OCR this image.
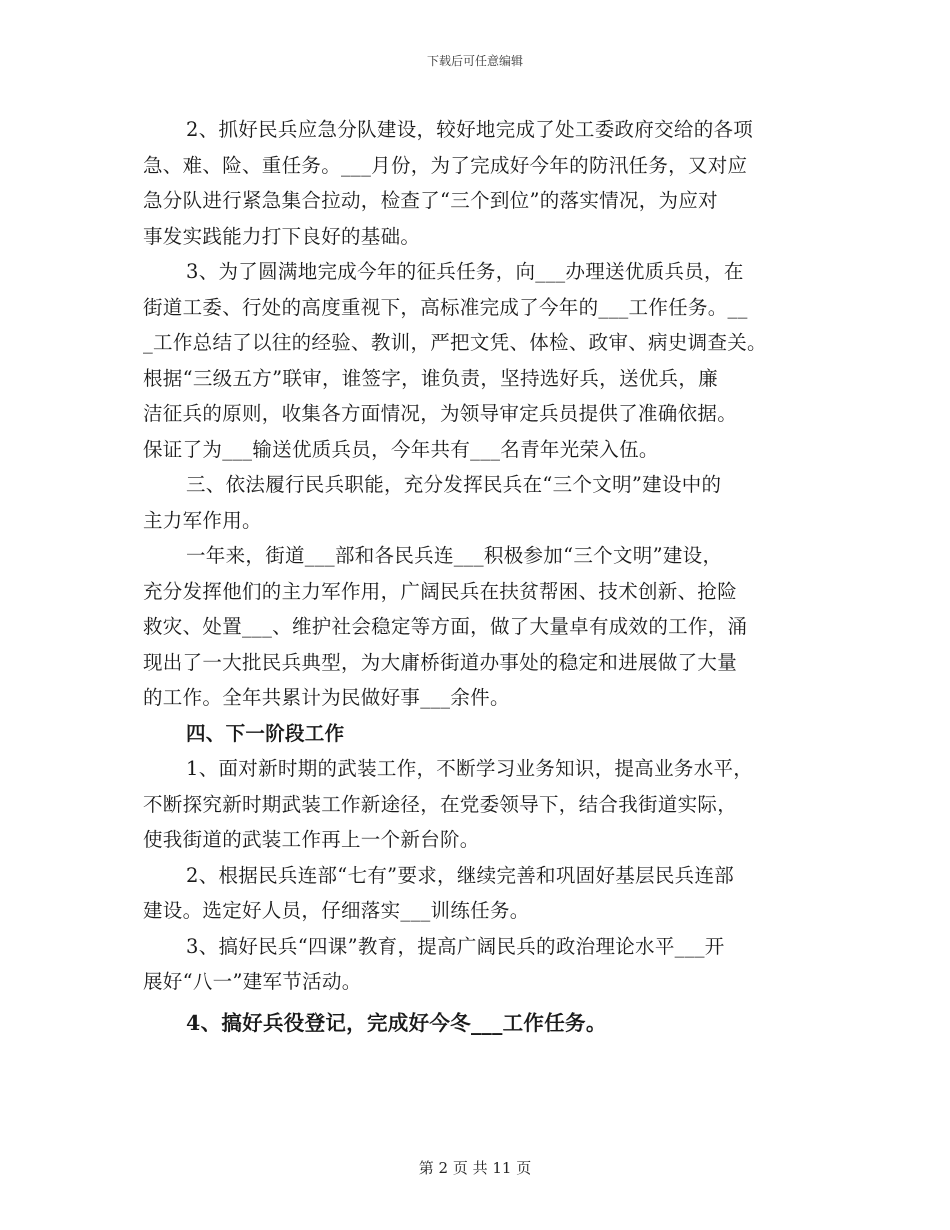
下载后可任意编辑
2、抓好民兵应急分队建设，较好地完成了处工委政府交给的各项
急、难、险、重任务。___月份，为了完成好今年的防汛任务，又对应
急分队进行紧急集合拉动，检查了“三个到位”的落实情况，为应对
事发实践能力打下良好的基础。
3、为了圆满地完成今年的征兵任务，向___办理送优质兵员，在
街道工委、行处的高度重视下，高标准完成了今年的___工作任务。__
_工作总结了以往的经验、教训，严把文凭、体检、政审、病史调查关。
根据“三级五方”联审，谁签字，谁负责，坚持选好兵，送优兵，廉
洁征兵的原则，收集各方面情况，为领导审定兵员提供了准确依据。
保证了为___输送优质兵员，今年共有___名青年光荣入伍。
三、依法履行民兵职能，充分发挥民兵在“三个文明”建设中的
主力军作用。
一年来，街道___部和各民兵连___积极参加“三个文明”建设，
充分发挥他们的主力军作用，广阔民兵在扶贫帮困、技术创新、抢险
救灾、处置___、维护社会稳定等方面，做了大量卓有成效的工作，涌
现出了一大批民兵典型，为大庸桥街道办事处的稳定和进展做了大量
的工作。全年共累计为民做好事___余件。
四、下一阶段工作
1、面对新时期的武装工作，不断学习业务知识，提高业务水平，
不断探究新时期武装工作新途径，在党委领导下，结合我街道实际，
使我街道的武装工作再上一个新台阶。
2、根据民兵连部“七有”要求，继续完善和巩固好基层民兵连部
建设。选定好人员，仔细落实___训练任务。
3、搞好民兵“四课”教育，提高广阔民兵的政治理论水平___开
展好“八一”建军节活动。
4、搞好兵役登记，完成好今冬___工作任务。
第 2 页 共 11 页
